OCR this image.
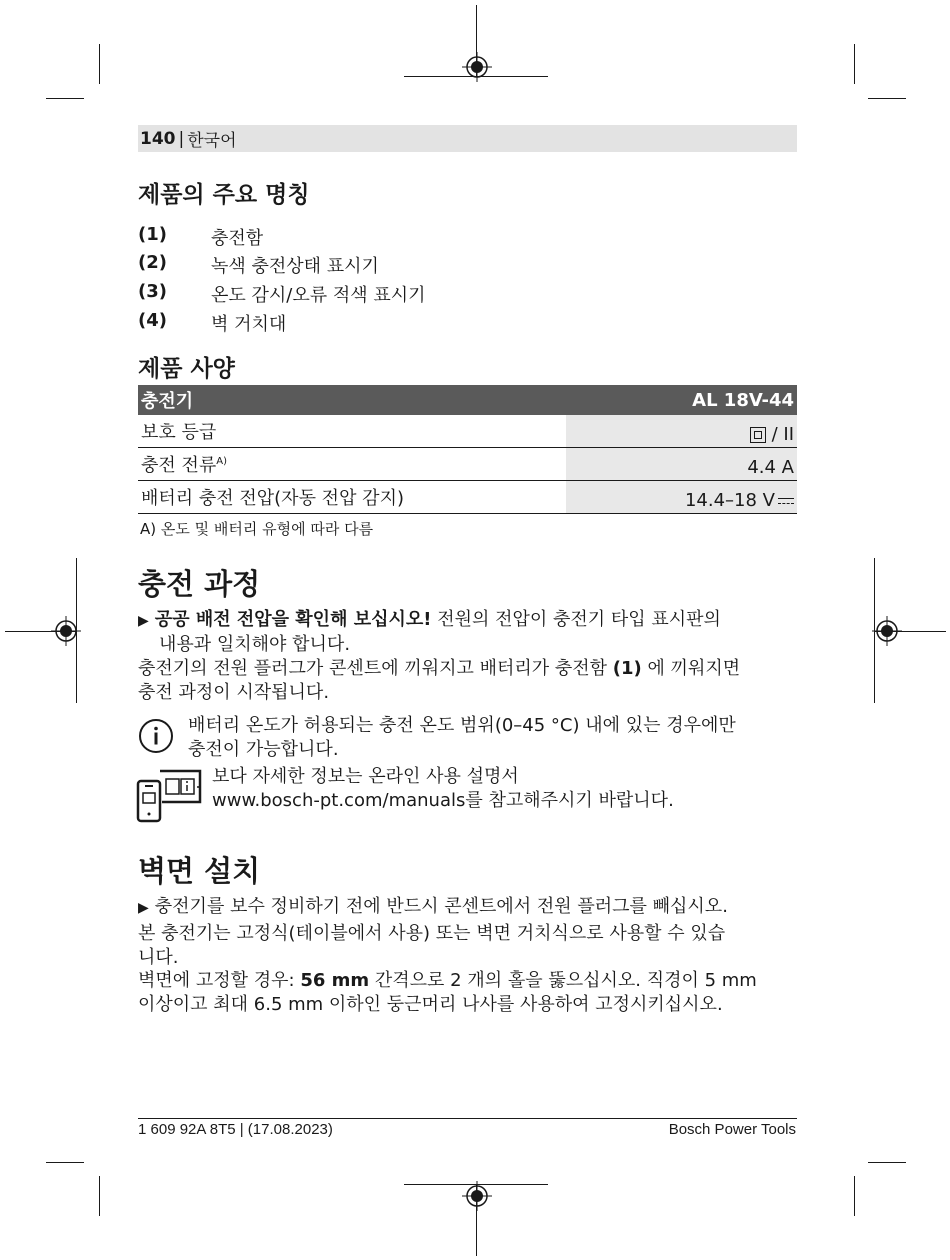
140 | 한국어
제품의 주요 명칭
(1)	충전함
(2)	녹색 충전상태 표시기
(3)	온도 감시/오류 적색 표시기
(4)	벽 거치대
제품 사양
충전기	AL 18V-44
보호 등급	/ II
충전 전류$^{A)}$	4.4 A
배터리 충전 전압(자동 전압 감지)	14.4–18 V
A) 온도 및 배터리 유형에 따라 다름
충전 과정
▶ 공공 배전 전압을 확인해 보십시오! 전원의 전압이 충전기 타입 표시판의
내용과 일치해야 합니다.
충전기의 전원 플러그가 콘센트에 끼워지고 배터리가 충전함 (1) 에 끼워지면
충전 과정이 시작됩니다.
배터리 온도가 허용되는 충전 온도 범위(0–45 °C) 내에 있는 경우에만
충전이 가능합니다.
보다 자세한 정보는 온라인 사용 설명서
www.bosch-pt.com/manuals를 참고해주시기 바랍니다.
벽면 설치
▶ 충전기를 보수 정비하기 전에 반드시 콘센트에서 전원 플러그를 빼십시오.
본 충전기는 고정식(테이블에서 사용) 또는 벽면 거치식으로 사용할 수 있습
니다.
벽면에 고정할 경우: 56 mm 간격으로 2 개의 홀을 뚫으십시오. 직경이 5 mm
이상이고 최대 6.5 mm 이하인 둥근머리 나사를 사용하여 고정시키십시오.
1 609 92A 8T5 | (17.08.2023)	Bosch Power Tools
